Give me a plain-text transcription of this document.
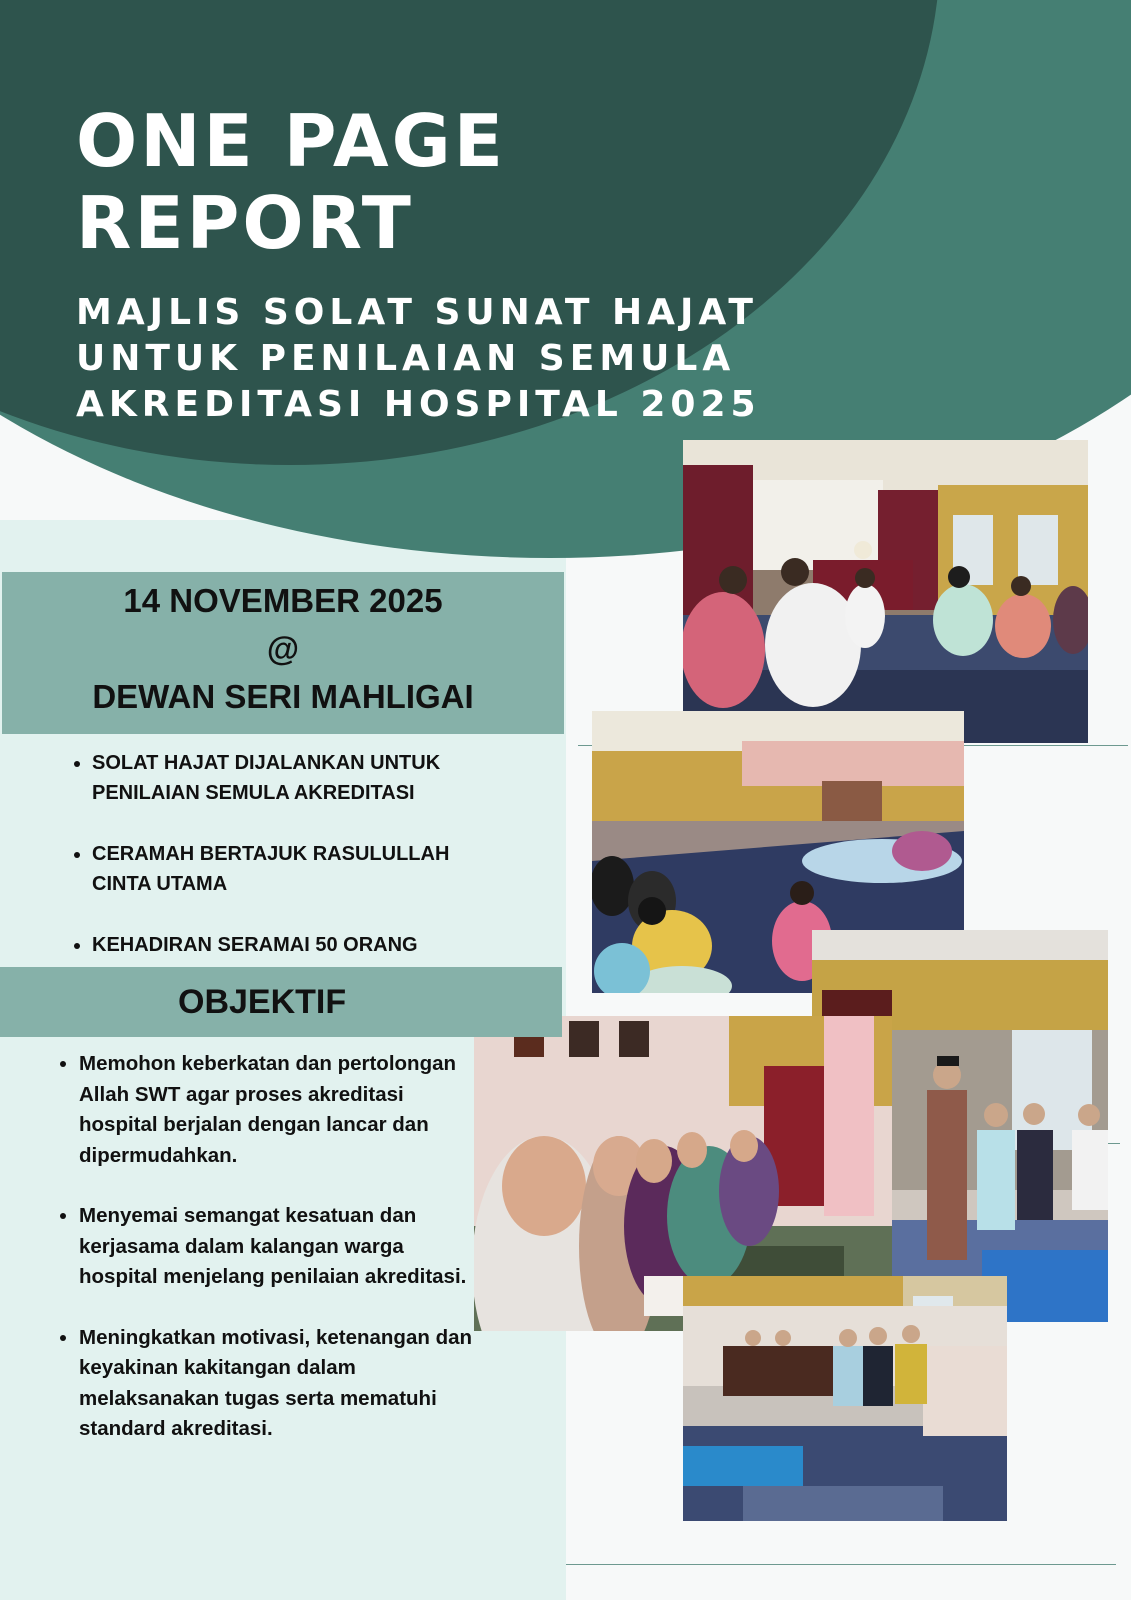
ONE PAGE
REPORT
MAJLIS SOLAT SUNAT HAJAT
UNTUK PENILAIAN SEMULA
AKREDITASI HOSPITAL 2025
14 NOVEMBER 2025
@
DEWAN SERI MAHLIGAI
• SOLAT HAJAT DIJALANKAN UNTUK PENILAIAN SEMULA AKREDITASI
• CERAMAH BERTAJUK RASULULLAH CINTA UTAMA
• KEHADIRAN SERAMAI 50 ORANG
OBJEKTIF
• Memohon keberkatan dan pertolongan Allah SWT agar proses akreditasi hospital berjalan dengan lancar dan dipermudahkan.
• Menyemai semangat kesatuan dan kerjasama dalam kalangan warga hospital menjelang penilaian akreditasi.
• Meningkatkan motivasi, ketenangan dan keyakinan kakitangan dalam melaksanakan tugas serta mematuhi standard akreditasi.
